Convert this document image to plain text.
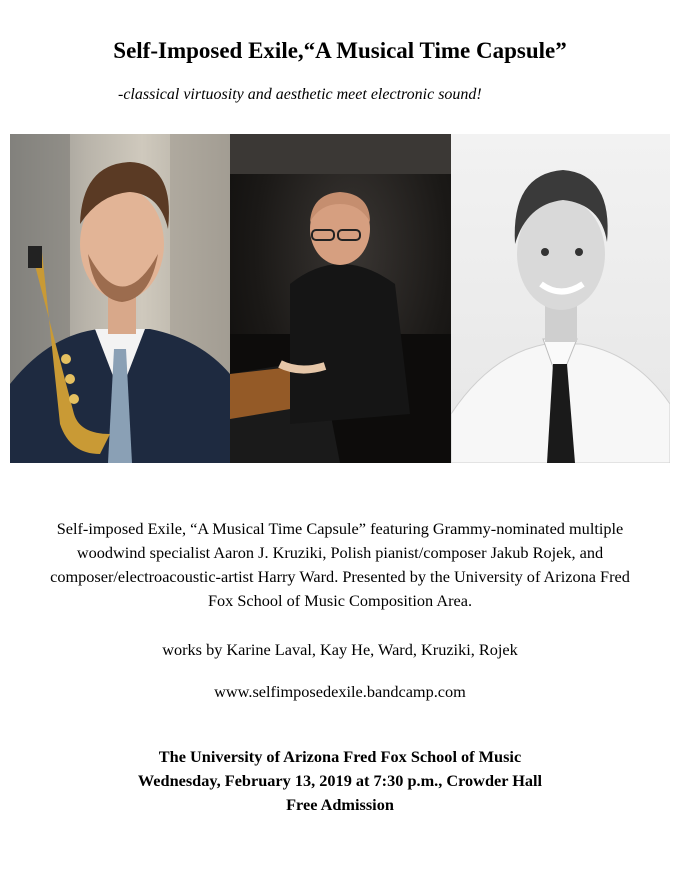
Self-Imposed Exile,“A Musical Time Capsule”
-classical virtuosity and aesthetic meet electronic sound!
Self-imposed Exile, “A Musical Time Capsule” featuring Grammy-nominated multiple woodwind specialist Aaron J. Kruziki, Polish pianist/composer Jakub Rojek, and composer/electroacoustic-artist Harry Ward. Presented by the University of Arizona Fred Fox School of Music Composition Area.
works by Karine Laval, Kay He, Ward, Kruziki, Rojek
www.selfimposedexile.bandcamp.com
The University of Arizona Fred Fox School of Music
Wednesday, February 13, 2019 at 7:30 p.m., Crowder Hall
Free Admission
